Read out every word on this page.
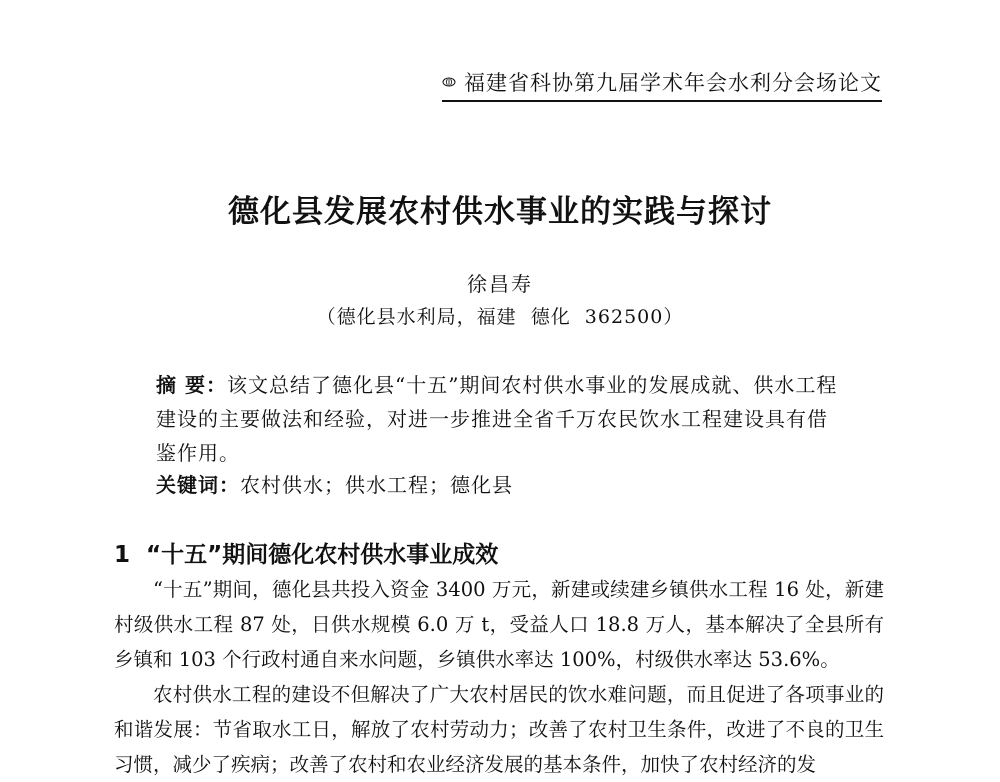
福建省科协第九届学术年会水利分会场论文
德化县发展农村供水事业的实践与探讨
徐昌寿
（德化县水利局，福建  德化  362500）
摘 要：该文总结了德化县“十五”期间农村供水事业的发展成就、供水工程建设的主要做法和经验，对进一步推进全省千万农民饮水工程建设具有借鉴作用。
关键词：农村供水；供水工程；德化县
1  “十五”期间德化农村供水事业成效

“十五”期间，德化县共投入资金 3400 万元，新建或续建乡镇供水工程 16 处，新建村级供水工程 87 处，日供水规模 6.0 万 t，受益人口 18.8 万人，基本解决了全县所有乡镇和 103 个行政村通自来水问题，乡镇供水率达 100%，村级供水率达 53.6%。

农村供水工程的建设不但解决了广大农村居民的饮水难问题，而且促进了各项事业的和谐发展：节省取水工日，解放了农村劳动力；改善了农村卫生条件，改进了不良的卫生习惯，减少了疾病；改善了农村和农业经济发展的基本条件，加快了农村经济的发
